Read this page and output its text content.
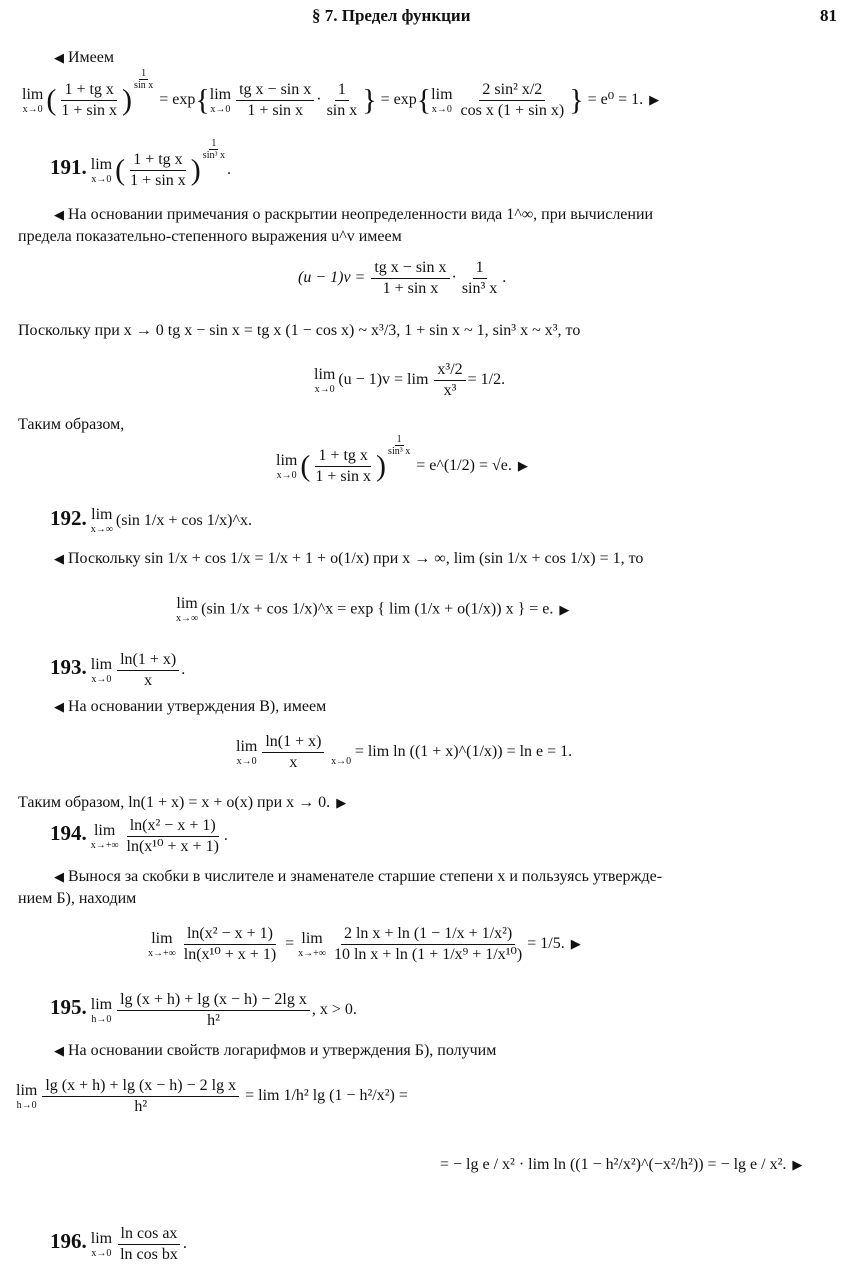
§ 7. Предел функции	81
◀ Имеем
lim
x→0 ( $\frac{\text{1 + tg x}}{\text{1 + sin x}}$ )
$\frac{1}{\text{sin x}}$
= exp{ lim
$x\to 0 \frac{\text{tg x − sin x}}{\text{1 + sin x}} \cdot \frac{1}{\text{sin x}}$ } = exp{ lim
$x\to 0 \frac{\text{2 sin² x/2}}{\text{cos x (1 + sin x)}}$ } = e⁰ = 1. ▶
191. lim
x→0 ( $\frac{\text{1 + tg x}}{\text{1 + sin x}}$ )
$\frac{1}{\text{sin³ x}}$
.
◀ На основании примечания о раскрытии неопределенности вида 1^∞, при вычислении
предела показательно-степенного выражения u^v имеем
$(u - 1)v = \frac{\text{tg x − sin x}}{\text{1 + sin x}} \cdot \frac{1}{\text{sin³ x}}$ .
Поскольку при x → 0 tg x − sin x = tg x (1 − cos x) ~ x³/3, 1 + sin x ~ 1, sin³ x ~ x³, то
lim
x→0
$(u - 1)v = \lim \frac{\text{x³/2}}{\text{x³}} = 1/2$.
Таким образом,
lim
x→0 ( $\frac{\text{1 + tg x}}{\text{1 + sin x}}$ )
$\frac{1}{\text{sin³ x}}$
= e^(1/2) = √e. ▶
192. lim
x→∞
(sin 1/x + cos 1/x)^x.
◀ Поскольку sin 1/x + cos 1/x = 1/x + 1 + o(1/x) при x → ∞, lim (sin 1/x + cos 1/x) = 1, то
lim
x→∞
(sin 1/x + cos 1/x)^x = exp { lim (1/x + o(1/x)) x } = e. ▶
193. lim
$x\to 0 \frac{\ln(1 + x)}{x}$ .
◀ На основании утверждения В), имеем
lim
$x\to 0 \frac{\ln(1 + x)}{x}$
x→0
= lim ln ((1 + x)^(1/x)) = ln e = 1.
Таким образом, ln(1 + x) = x + o(x) при x → 0. ▶
194. lim
$x\to+\infty \frac{\text{ln(x² − x + 1)}}{\text{ln(x¹⁰ + x + 1)}}$ .
◀ Вынося за скобки в числителе и знаменателе старшие степени x и пользуясь утвержде-
нием Б), находим
lim
$x\to+\infty \frac{\text{ln(x² − x + 1)}}{\text{ln(x¹⁰ + x + 1)}} = \lim$
$x\to+\infty \frac{\text{2 ln x + ln (1 − 1/x + 1/x²)}}{\text{10 ln x + ln (1 + 1/x⁹ + 1/x¹⁰)}} = 1/5$. ▶
195. lim
$h\to 0 \frac{\text{lg (x + h) + lg (x − h) − 2lg x}}{\text{h²}}$ , x > 0.
◀ На основании свойств логарифмов и утверждения Б), получим
lim
$h\to 0 \frac{\text{lg (x + h) + lg (x − h) − 2 lg x}}{\text{h²}} = \lim 1/h^2$ lg (1 − h²/x²) =
= − lg e / x² · lim ln ((1 − h²/x²)^(−x²/h²)) = − lg e / x². ▶
196. lim
$x\to 0 \frac{\text{ln cos ax}}{\text{ln cos bx}}$ .
